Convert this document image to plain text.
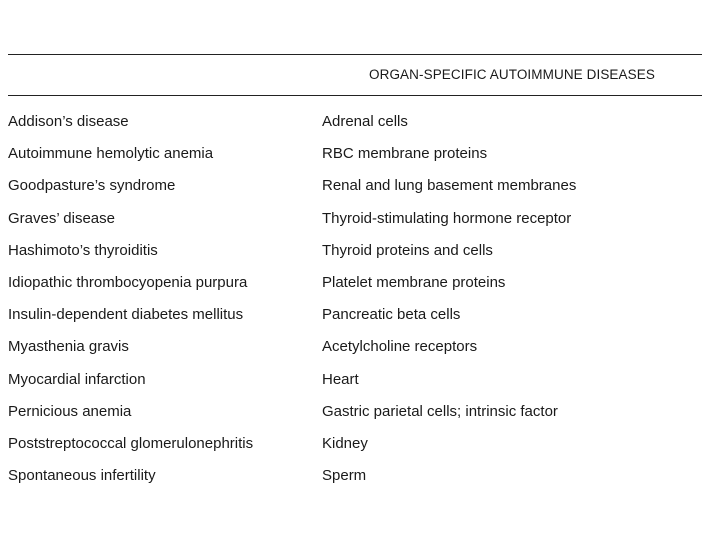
ORGAN-SPECIFIC AUTOIMMUNE DISEASES
Addison’s disease	Adrenal cells
Autoimmune hemolytic anemia	RBC membrane proteins
Goodpasture’s syndrome	Renal and lung basement membranes
Graves’ disease	Thyroid-stimulating hormone receptor
Hashimoto’s thyroiditis	Thyroid proteins and cells
Idiopathic thrombocyopenia purpura	Platelet membrane proteins
Insulin-dependent diabetes mellitus	Pancreatic beta cells
Myasthenia gravis	Acetylcholine receptors
Myocardial infarction	Heart
Pernicious anemia	Gastric parietal cells; intrinsic factor
Poststreptococcal glomerulonephritis	Kidney
Spontaneous infertility	Sperm
